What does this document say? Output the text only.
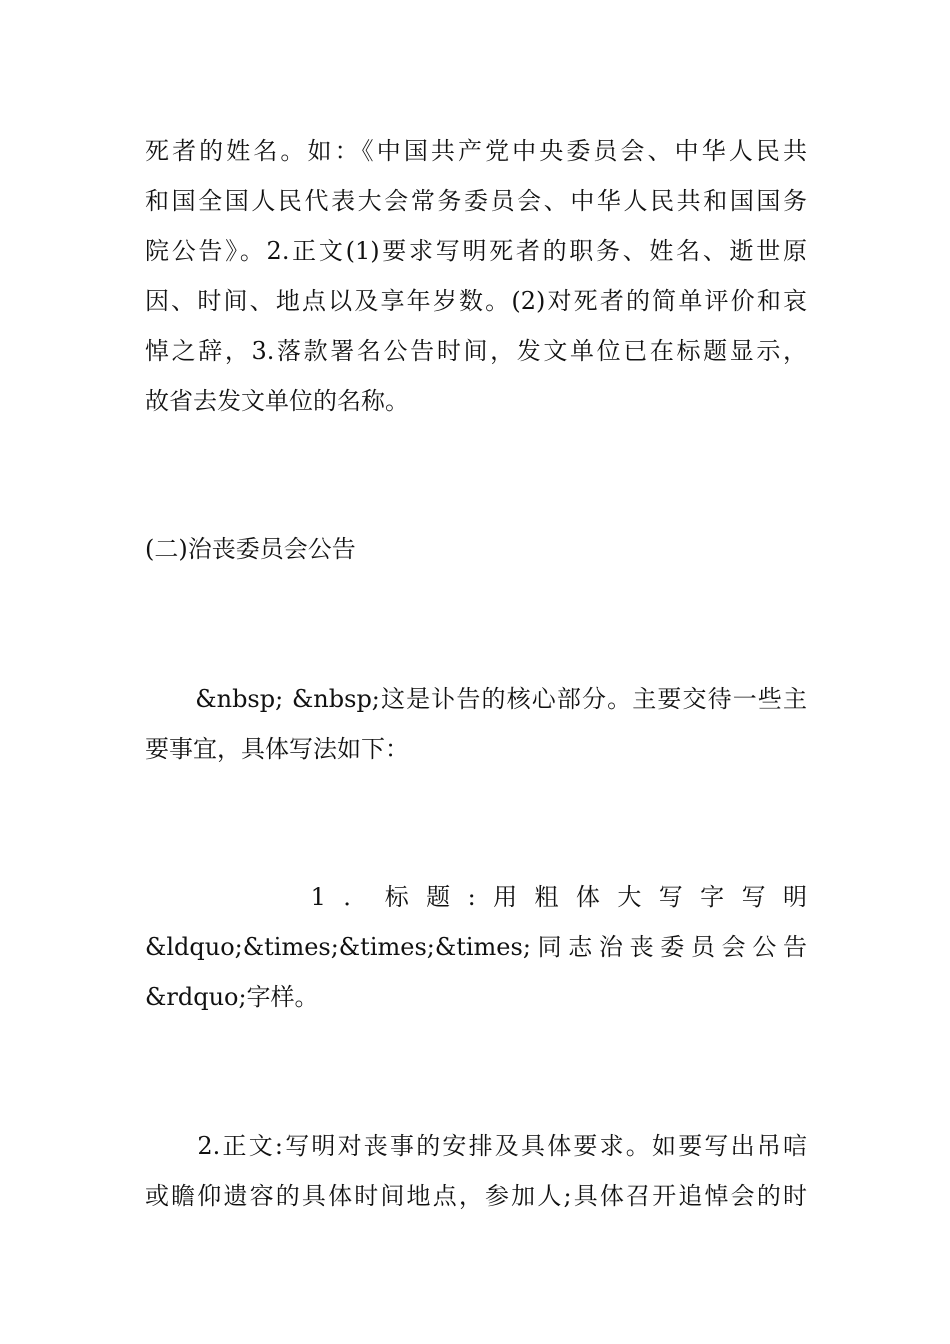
死者的姓名。如：《中国共产党中央委员会、中华人民共
和国全国人民代表大会常务委员会、中华人民共和国国务
院公告》。2.正文(1)要求写明死者的职务、姓名、逝世原
因、时间、地点以及享年岁数。(2)对死者的简单评价和哀
悼之辞，3.落款署名公告时间，发文单位已在标题显示，
故省去发文单位的名称。
(二)治丧委员会公告
　　&nbsp; &nbsp;这是讣告的核心部分。主要交待一些主
要事宜，具体写法如下：
　　　　1．标题:用粗体大写字写明
&ldquo;&times;&times;&times;同志治丧委员会公告
&rdquo;字样。
　　2.正文:写明对丧事的安排及具体要求。如要写出吊唁
或瞻仰遗容的具体时间地点，参加人;具体召开追悼会的时
